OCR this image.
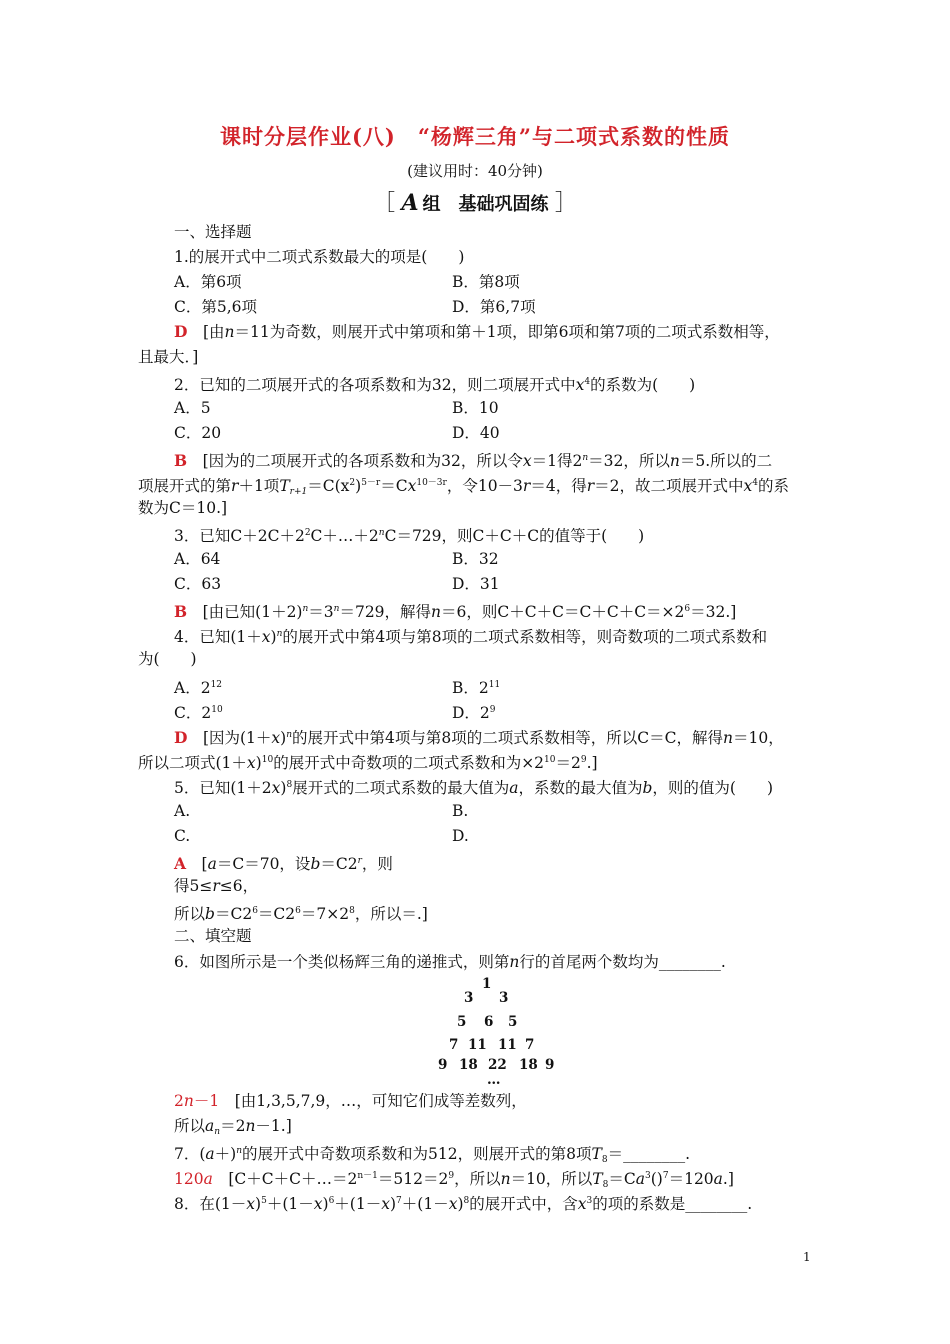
课时分层作业(八)　“杨辉三角”与二项式系数的性质
(建议用时：40分钟)
［ A 组　基础巩固练 ］
一、选择题
1.的展开式中二项式系数最大的项是(　　)
A．第6项	B．第8项
C．第5,6项	D．第6,7项
D　[由n＝11为奇数，则展开式中第项和第＋1项，即第6项和第7项的二项式系数相等，
且最大．]
2．已知的二项展开式的各项系数和为32，则二项展开式中$x^4$的系数为(　　)
A．5	B．10
C．20	D．40
B　[因为的二项展开式的各项系数和为32，所以令x＝1得$2^n=32$，所以n＝5.所以的二
项展开式的第r＋1项$T_{r+1}=C(x^2)^{5-r}=Cx^{10-3r}$，令10－3r＝4，得r＝2，故二项展开式中$x^4$的系
数为C＝10.]
3．已知$C+2C+2^2C+\dots+2^nC=729$，则C＋C＋C的值等于(　　)
A．64	B．32
C．63	D．31
B　[由已知$(1+2)^n=3^n=729$，解得n＝6，则$C+C+C=C+C+C=\times 2^6=32$.]
4．已知$(1+x)^n$的展开式中第4项与第8项的二项式系数相等，则奇数项的二项式系数和
为(　　)
A．$2^{12}$	B．$2^{11}$
C．$2^{10}$	D．$2^9$
D　[因为$(1+x)^n$的展开式中第4项与第8项的二项式系数相等，所以C＝C，解得n＝10，
所以二项式$(1+x)^{10}$的展开式中奇数项的二项式系数和为$\times 2^{10}=2^9$.]
5．已知$(1+2x)^8$展开式的二项式系数的最大值为a，系数的最大值为b，则的值为(　　)
A.	B.
C.	D.
A　[a＝C＝70，设$b=C2^r$，则
得5≤r≤6，
所以$b=C2^6=C2^6=7\times 2^8$，所以＝.]
二、填空题
6．如图所示是一个类似杨辉三角的递推式，则第n行的首尾两个数均为________.
2n－1　[由1,3,5,7,9，…，可知它们成等差数列，
所以$a_n=2n-1$.]
7．$(a+)^n$的展开式中奇数项系数和为512，则展开式的第8项$T_8=\_\_\_\_\_\_\_\_$.
120a　[$C+C+C+\dots=2^{n-1}=512=2^9$，所以n＝10，所以$T_8=Ca^3()^7=120a$.]
8．在$(1-x)^5+(1-x)^6+(1-x)^7+(1-x)^8$的展开式中，含$x^3$的项的系数是________.
1
3 3
5 6 5
7 11 11 7
9 18 22 18 9
…
1
